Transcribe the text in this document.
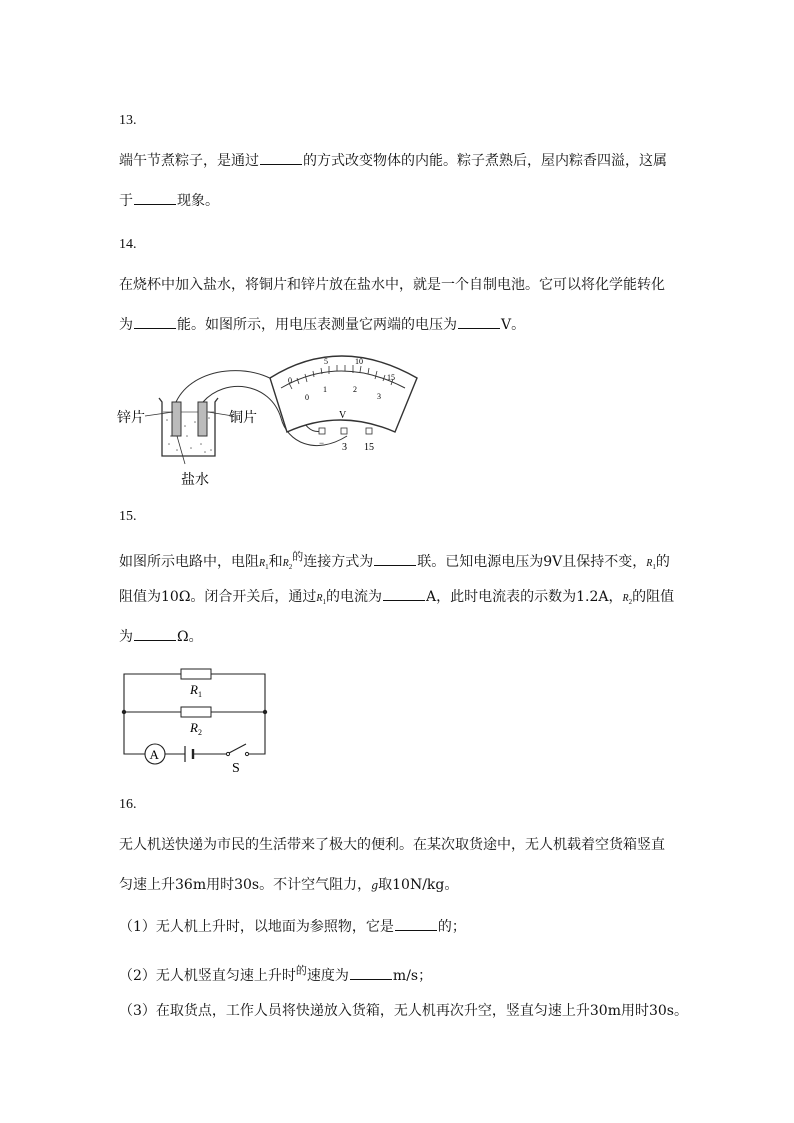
13.
端午节煮粽子，是通过	的方式改变物体的内能。粽子煮熟后，屋内粽香四溢，这属
于	现象。
14.
在烧杯中加入盐水，将铜片和锌片放在盐水中，就是一个自制电池。它可以将化学能转化
为	能。如图所示，用电压表测量它两端的电压为	V。
锌片	铜片
盐水
0
5	10
15
0
1	2
3
V
− 3 15
15.
如图所示电路中，电阻$R_1$和$R_2^的$连接方式为	联。已知电源电压为9V且保持不变，$R_1$的
阻值为10Ω。闭合开关后，通过$R_1$的电流为	A，此时电流表的示数为1.2A，$R_2$的阻值
为	Ω。
$R_1$
$R_2$
A
S
16.
无人机送快递为市民的生活带来了极大的便利。在某次取货途中，无人机载着空货箱竖直
匀速上升36m用时30s。不计空气阻力，g取10N/kg。
（1）无人机上升时，以地面为参照物，它是	的；
（2）无人机竖直匀速上升时$^的$速度为	m/s；
（3）在取货点，工作人员将快递放入货箱，无人机再次升空，竖直匀速上升30m用时30s。
